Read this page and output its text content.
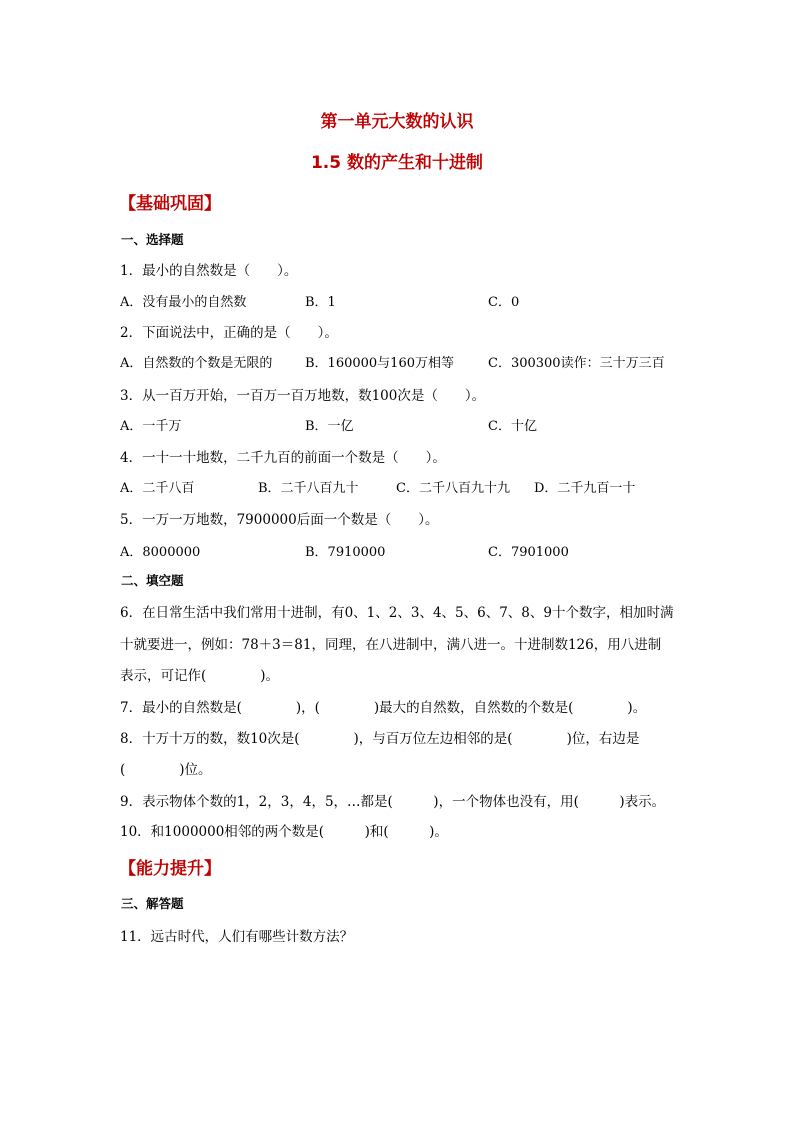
第一单元大数的认识
1.5 数的产生和十进制
【基础巩固】
一、选择题
1．最小的自然数是（　　）。
A．没有最小的自然数	B．1	C．0
2．下面说法中，正确的是（　　）。
A．自然数的个数是无限的	B．160000与160万相等	C．300300读作：三十万三百
3．从一百万开始，一百万一百万地数，数100次是（　　）。
A．一千万	B．一亿	C．十亿
4．一十一十地数，二千九百的前面一个数是（　　）。
A．二千八百	B．二千八百九十	C．二千八百九十九 D．二千九百一十
5．一万一万地数，7900000后面一个数是（　　）。
A．8000000	B．7910000	C．7901000
二、填空题
6．在日常生活中我们常用十进制，有0、1、2、3、4、5、6、7、8、9十个数字，相加时满
十就要进一，例如：78＋3＝81，同理，在八进制中，满八进一。十进制数126，用八进制
表示，可记作(　　　　)。
7．最小的自然数是(　　　　)，(　　　　)最大的自然数，自然数的个数是(　　　　)。
8．十万十万的数，数10次是(　　　　)，与百万位左边相邻的是(　　　　)位，右边是
(　　　　)位。
9．表示物体个数的1，2，3，4，5，…都是(　　　)，一个物体也没有，用(　　　)表示。
10．和1000000相邻的两个数是(　　　)和(　　　)。
【能力提升】
三、解答题
11．远古时代，人们有哪些计数方法？
